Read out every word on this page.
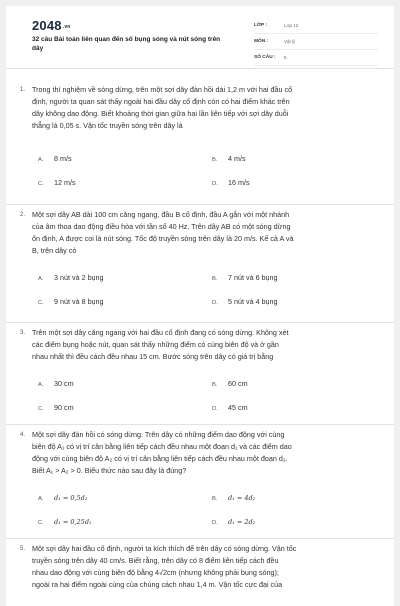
2048.vn
32 câu Bài toán liên quan đến số bụng sóng và nút sóng trên dây
LỚP :	Lớp 12
MÔN :	Vật lý
SỐ CÂU :	5
1. Trong thí nghiệm về sóng dừng, trên một sợi dây đàn hồi dài 1,2 m với hai đầu cố
định, người ta quan sát thấy ngoài hai đầu dây cố định còn có hai điểm khác trên
dây không dao động. Biết khoảng thời gian giữa hai lần liên tiếp với sợi dây duỗi
thẳng là 0,05 s. Vận tốc truyền sóng trên dây là
A. 8 m/s	B. 4 m/s
C. 12 m/s	D. 16 m/s
2. Một sợi dây AB dài 100 cm căng ngang, đầu B cố định, đầu A gắn với một nhánh
của âm thoa dao động điều hòa với tần số 40 Hz. Trên dây AB có một sóng dừng
ổn định, A được coi là nút sóng. Tốc độ truyền sóng trên dây là 20 m/s. Kể cả A và
B, trên dây có
A. 3 nút và 2 bụng	B. 7 nút và 6 bụng
C. 9 nút và 8 bụng	D. 5 nút và 4 bụng
3. Trên một sợi dây căng ngang với hai đầu cố định đang có sóng dừng. Không xét
các điểm bụng hoặc nút, quan sát thấy những điểm có cùng biên độ và ở gần
nhau nhất thì đều cách đều nhau 15 cm. Bước sóng trên dây có giá trị bằng
A. 30 cm	B. 60 cm
C. 90 cm	D. 45 cm
4. Một sợi dây đàn hồi có sóng dừng. Trên dây có những điểm dao động với cùng
biên độ A₁ có vị trí cân bằng liên tiếp cách đều nhau một đoạn d₁ và các điểm dao
động với cùng biên độ A₂ có vị trí cân bằng liên tiếp cách đều nhau một đoạn d₂.
Biết A₁ > A₂ > 0. Biểu thức nào sau đây là đúng?
A. d₁ = 0,5d₂	B. d₁ = 4d₂
C. d₁ = 0,25d₂	D. d₁ = 2d₂
5. Một sợi dây hai đầu cố định, người ta kích thích để trên dây có sóng dừng. Vận tốc
truyền sóng trên dây 40 cm/s. Biết rằng, trên dây có 8 điểm liên tiếp cách đều
nhau dao động với cùng biên độ bằng 4√2cm (nhưng không phải bụng sóng);
ngoài ra hai điểm ngoài cùng của chúng cách nhau 1,4 m. Vận tốc cực đại của
